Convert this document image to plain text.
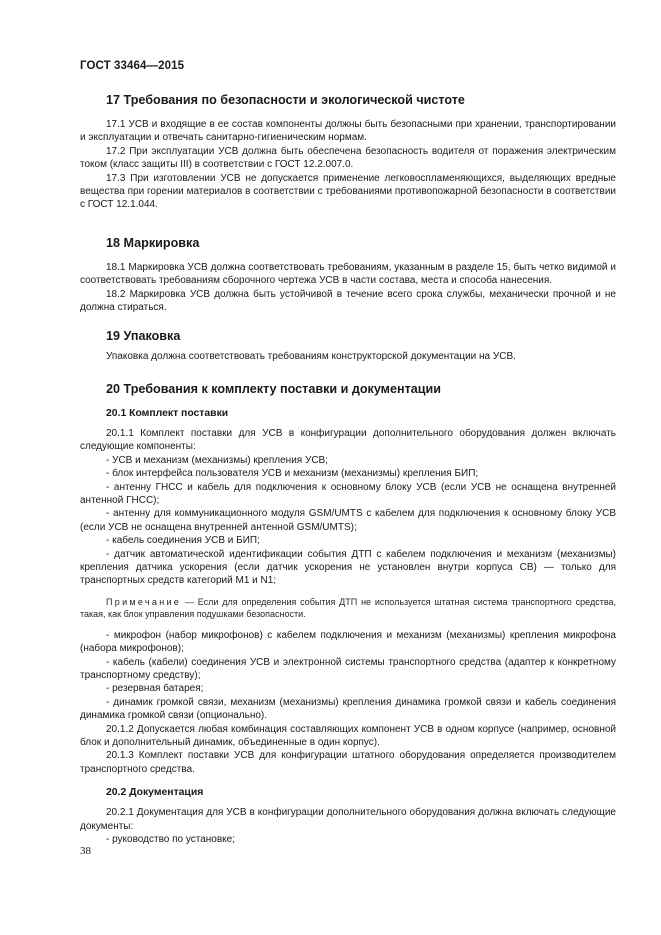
ГОСТ 33464—2015
17 Требования по безопасности и экологической чистоте

17.1 УСВ и входящие в ее состав компоненты должны быть безопасными при хранении, транспортировании и эксплуатации и отвечать санитарно-гигиеническим нормам.

17.2 При эксплуатации УСВ должна быть обеспечена безопасность водителя от поражения электрическим током (класс защиты III) в соответствии с ГОСТ 12.2.007.0.

17.3 При изготовлении УСВ не допускается применение легковоспламеняющихся, выделяющих вредные вещества при горении материалов в соответствии с требованиями противопожарной безопасности в соответствии с ГОСТ 12.1.044.

18 Маркировка

18.1 Маркировка УСВ должна соответствовать требованиям, указанным в разделе 15, быть четко видимой и соответствовать требованиям сборочного чертежа УСВ в части состава, места и способа нанесения.

18.2 Маркировка УСВ должна быть устойчивой в течение всего срока службы, механически прочной и не должна стираться.

19 Упаковка

Упаковка должна соответствовать требованиям конструкторской документации на УСВ.

20 Требования к комплекту поставки и документации
20.1 Комплект поставки

20.1.1 Комплект поставки для УСВ в конфигурации дополнительного оборудования должен включать следующие компоненты:

- УСВ и механизм (механизмы) крепления УСВ;

- блок интерфейса пользователя УСВ и механизм (механизмы) крепления БИП;

- антенну ГНСС и кабель для подключения к основному блоку УСВ (если УСВ не оснащена внутренней антенной ГНСС);

- антенну для коммуникационного модуля GSM/UMTS с кабелем для подключения к основному блоку УСВ (если УСВ не оснащена внутренней антенной GSM/UMTS);

- кабель соединения УСВ и БИП;

- датчик автоматической идентификации события ДТП с кабелем подключения и механизм (механизмы) крепления датчика ускорения (если датчик ускорения не установлен внутри корпуса СВ) — только для транспортных средств категорий М1 и N1;

Примечание — Если для определения события ДТП не используется штатная система транспортного средства, такая, как блок управления подушками безопасности.

- микрофон (набор микрофонов) с кабелем подключения и механизм (механизмы) крепления микрофона (набора микрофонов);

- кабель (кабели) соединения УСВ и электронной системы транспортного средства (адаптер к конкретному транспортному средству);

- резервная батарея;

- динамик громкой связи, механизм (механизмы) крепления динамика громкой связи и кабель соединения динамика громкой связи (опционально).

20.1.2 Допускается любая комбинация составляющих компонент УСВ в одном корпусе (например, основной блок и дополнительный динамик, объединенные в один корпус).

20.1.3 Комплект поставки УСВ для конфигурации штатного оборудования определяется производителем транспортного средства.

20.2 Документация

20.2.1 Документация для УСВ в конфигурации дополнительного оборудования должна включать следующие документы:

- руководство по установке;

38
